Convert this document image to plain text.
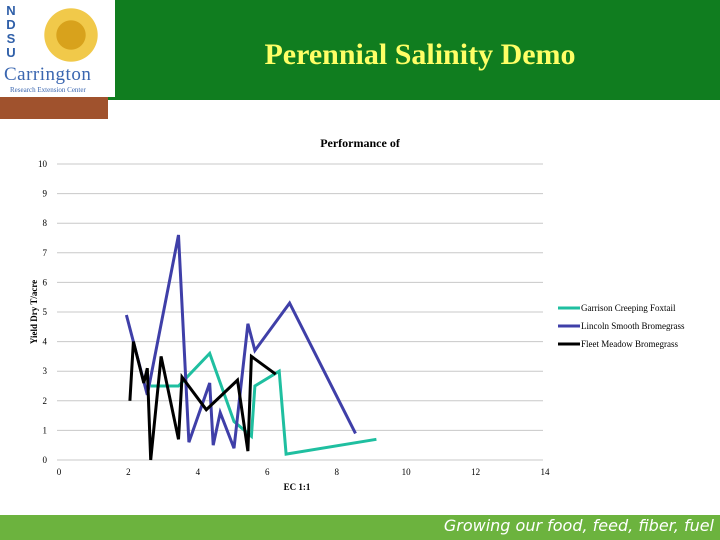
NDSU
Carrington
Research Extension Center
Perennial Salinity Demo
Performance of
0
1
2
3
4
5
6
7
8
9
10
0	2	4	6	8	10	12	14
EC 1:1
Yield Dry T/acre	Garrison Creeping Foxtail
Lincoln Smooth Bromegrass
Fleet Meadow Bromegrass
Growing our food, feed, fiber, fuel
